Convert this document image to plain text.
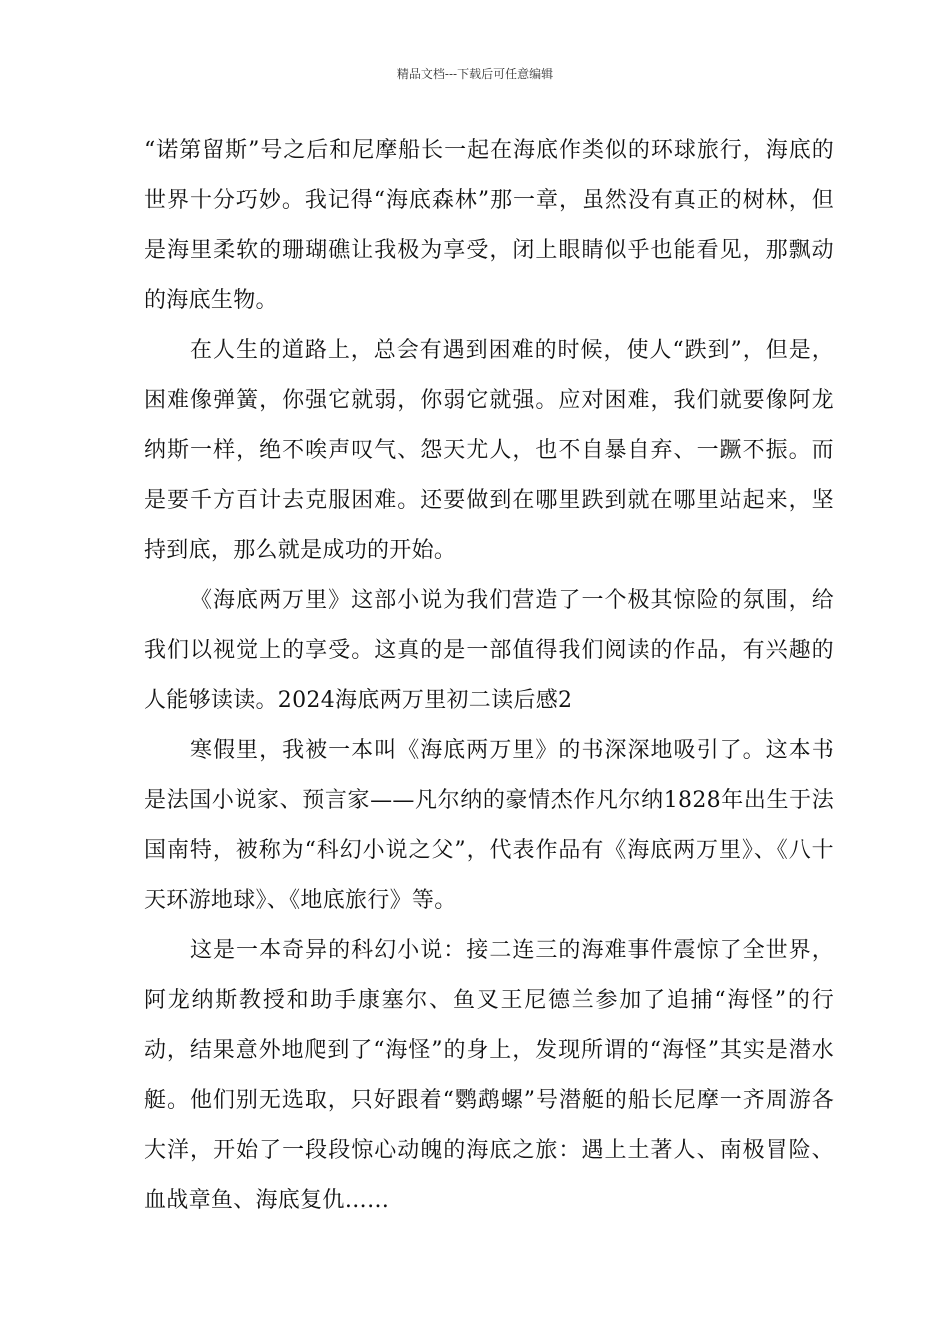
精品文档---下载后可任意编辑

“诺第留斯”号之后和尼摩船长一起在海底作类似的环球旅行，海底的世界十分巧妙。我记得“海底森林”那一章，虽然没有真正的树林，但是海里柔软的珊瑚礁让我极为享受，闭上眼睛似乎也能看见，那飘动的海底生物。

在人生的道路上，总会有遇到困难的时候，使人“跌到”，但是，困难像弹簧，你强它就弱，你弱它就强。应对困难，我们就要像阿龙纳斯一样，绝不唉声叹气、怨天尤人，也不自暴自弃、一蹶不振。而是要千方百计去克服困难。还要做到在哪里跌到就在哪里站起来，坚持到底，那么就是成功的开始。

《海底两万里》这部小说为我们营造了一个极其惊险的氛围，给我们以视觉上的享受。这真的是一部值得我们阅读的作品，有兴趣的人能够读读。2024海底两万里初二读后感2

寒假里，我被一本叫《海底两万里》的书深深地吸引了。这本书是法国小说家、预言家——凡尔纳的豪情杰作凡尔纳1828年出生于法国南特，被称为“科幻小说之父”，代表作品有《海底两万里》、《八十天环游地球》、《地底旅行》等。

这是一本奇异的科幻小说：接二连三的海难事件震惊了全世界，阿龙纳斯教授和助手康塞尔、鱼叉王尼德兰参加了追捕“海怪”的行动，结果意外地爬到了“海怪”的身上，发现所谓的“海怪”其实是潜水艇。他们别无选取，只好跟着“鹦鹉螺”号潜艇的船长尼摩一齐周游各大洋，开始了一段段惊心动魄的海底之旅：遇上土著人、南极冒险、血战章鱼、海底复仇……
